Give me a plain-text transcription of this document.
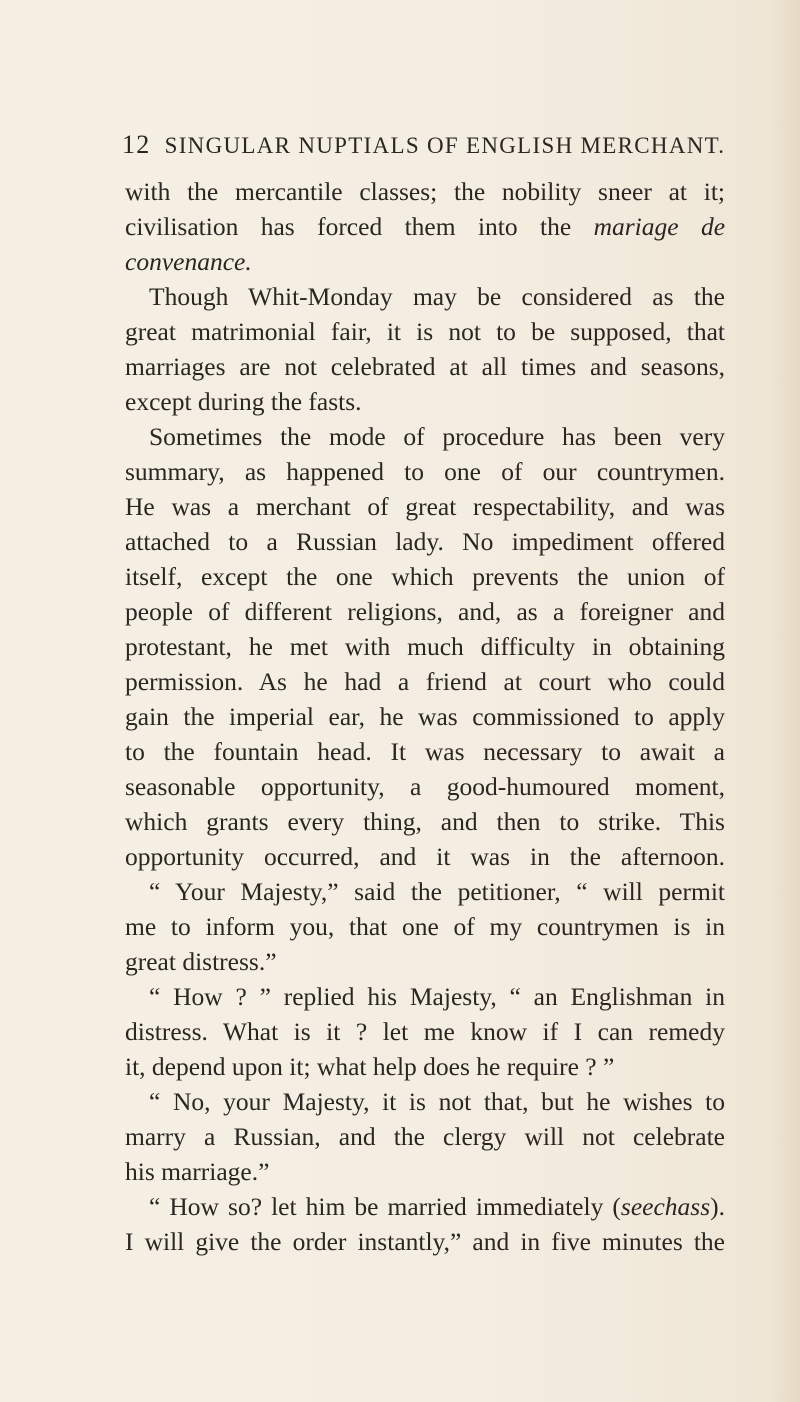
12 SINGULAR NUPTIALS OF ENGLISH MERCHANT.
with the mercantile classes; the nobility sneer at it;
civilisation has forced them into the mariage de
convenance.
Though Whit-Monday may be considered as the
great matrimonial fair, it is not to be supposed, that
marriages are not celebrated at all times and seasons,
except during the fasts.
Sometimes the mode of procedure has been very
summary, as happened to one of our countrymen.
He was a merchant of great respectability, and was
attached to a Russian lady. No impediment offered
itself, except the one which prevents the union of
people of different religions, and, as a foreigner and
protestant, he met with much difficulty in obtaining
permission. As he had a friend at court who could
gain the imperial ear, he was commissioned to apply
to the fountain head. It was necessary to await a
seasonable opportunity, a good-humoured moment,
which grants every thing, and then to strike. This
opportunity occurred, and it was in the afternoon.
“ Your Majesty,” said the petitioner, “ will permit
me to inform you, that one of my countrymen is in
great distress.”
“ How ? ” replied his Majesty, “ an Englishman in
distress. What is it ? let me know if I can remedy
it, depend upon it; what help does he require ? ”
“ No, your Majesty, it is not that, but he wishes to
marry a Russian, and the clergy will not celebrate
his marriage.”
“ How so? let him be married immediately (seechass).
I will give the order instantly,” and in five minutes the
